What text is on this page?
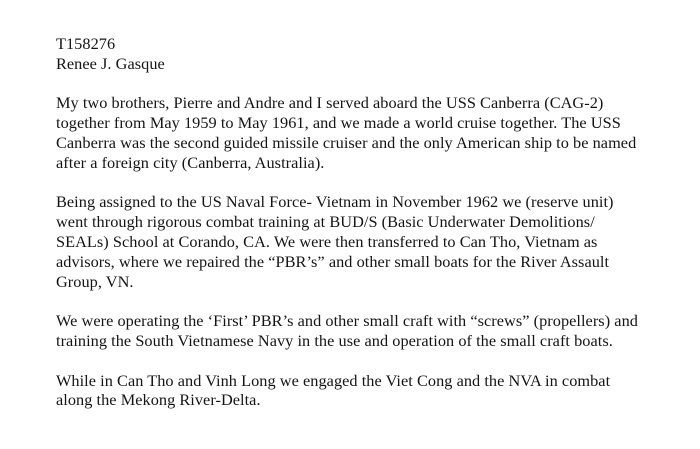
T158276
Renee J. Gasque
My two brothers, Pierre and Andre and I served aboard the USS Canberra (CAG-2)
together from May 1959 to May 1961, and we made a world cruise together. The USS
Canberra was the second guided missile cruiser and the only American ship to be named
after a foreign city (Canberra, Australia).
Being assigned to the US Naval Force- Vietnam in November 1962 we (reserve unit)
went through rigorous combat training at BUD/S (Basic Underwater Demolitions/
SEALs) School at Corando, CA. We were then transferred to Can Tho, Vietnam as
advisors, where we repaired the “PBR’s” and other small boats for the River Assault
Group, VN.
We were operating the ‘First’ PBR’s and other small craft with “screws” (propellers) and
training the South Vietnamese Navy in the use and operation of the small craft boats.
While in Can Tho and Vinh Long we engaged the Viet Cong and the NVA in combat
along the Mekong River-Delta.
